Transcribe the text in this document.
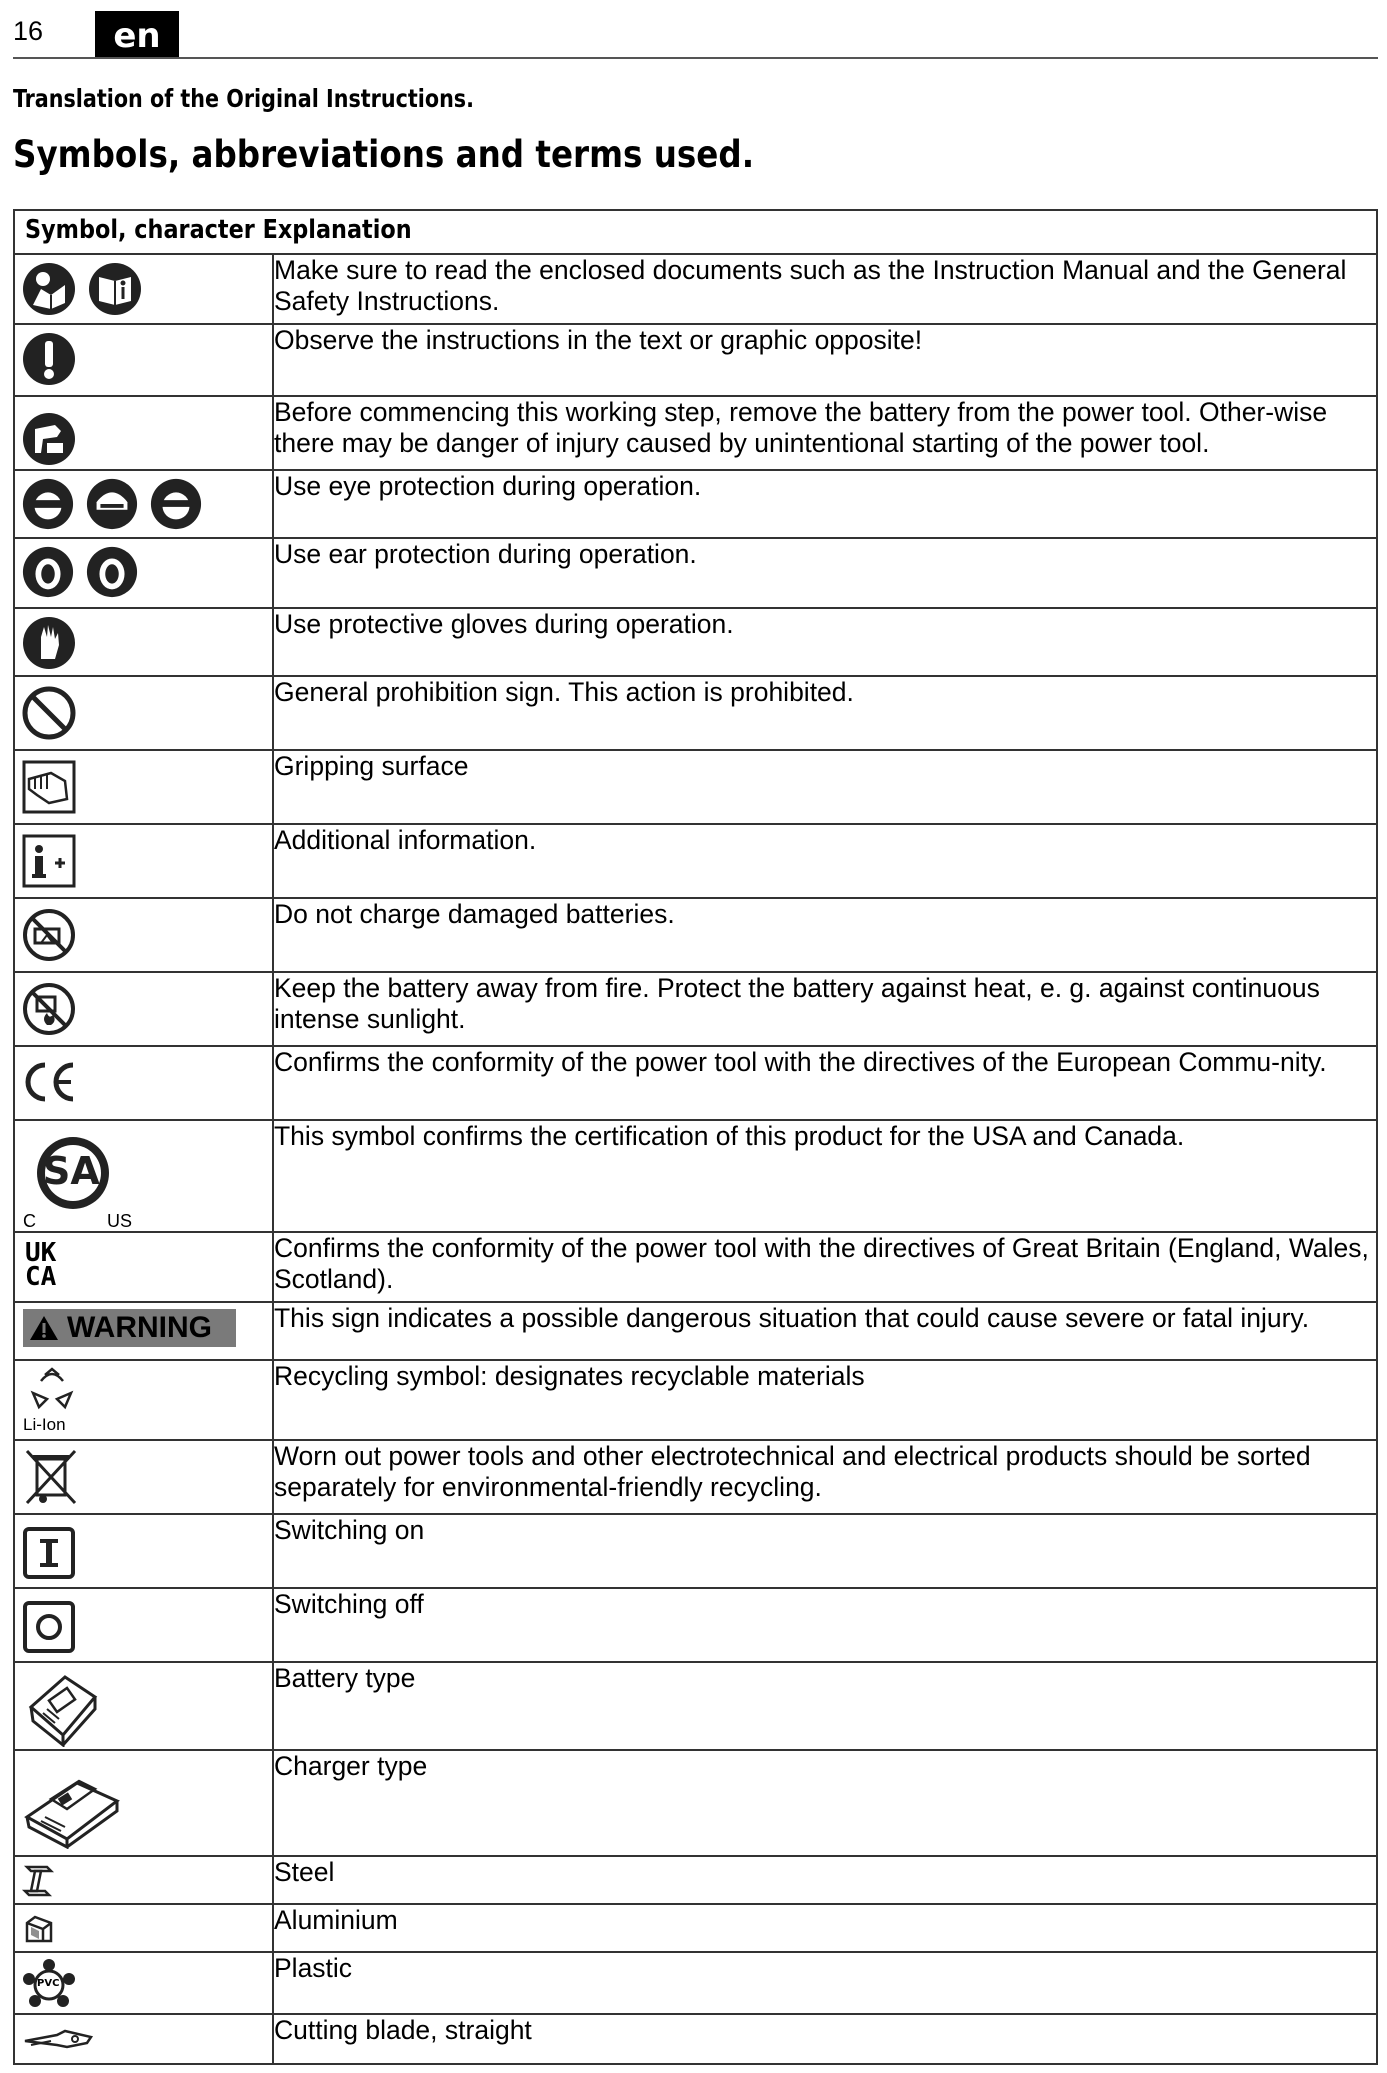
16	en
Translation of the Original Instructions.
Symbols, abbreviations and terms used.
Symbol, character Explanation	

	Make sure to read the enclosed documents such as the Instruction Manual and the General Safety Instructions.

	Observe the instructions in the text or graphic opposite!

	Before commencing this working step, remove the battery from the power tool. Other-wise there may be danger of injury caused by unintentional starting of the power tool.

	Use eye protection during operation.

	Use ear protection during operation.

	Use protective gloves during operation.

	General prohibition sign. This action is prohibited.

	Gripping surface

	Additional information.

	Do not charge damaged batteries.

	Keep the battery away from fire. Protect the battery against heat, e. g. against continuous intense sunlight.

	Confirms the conformity of the power tool with the directives of the European Commu-nity.

SA
C US	This symbol confirms the certification of this product for the USA and Canada.

UK
CA	Confirms the conformity of the power tool with the directives of Great Britain (England, Wales, Scotland).

WARNING	This sign indicates a possible dangerous situation that could cause severe or fatal injury.

Li-Ion	Recycling symbol: designates recyclable materials

	Worn out power tools and other electrotechnical and electrical products should be sorted separately for environmental-friendly recycling.

	Switching on

	Switching off

	Battery type

	Charger type

	Steel

	Aluminium

PVC	Plastic

	Cutting blade, straight
